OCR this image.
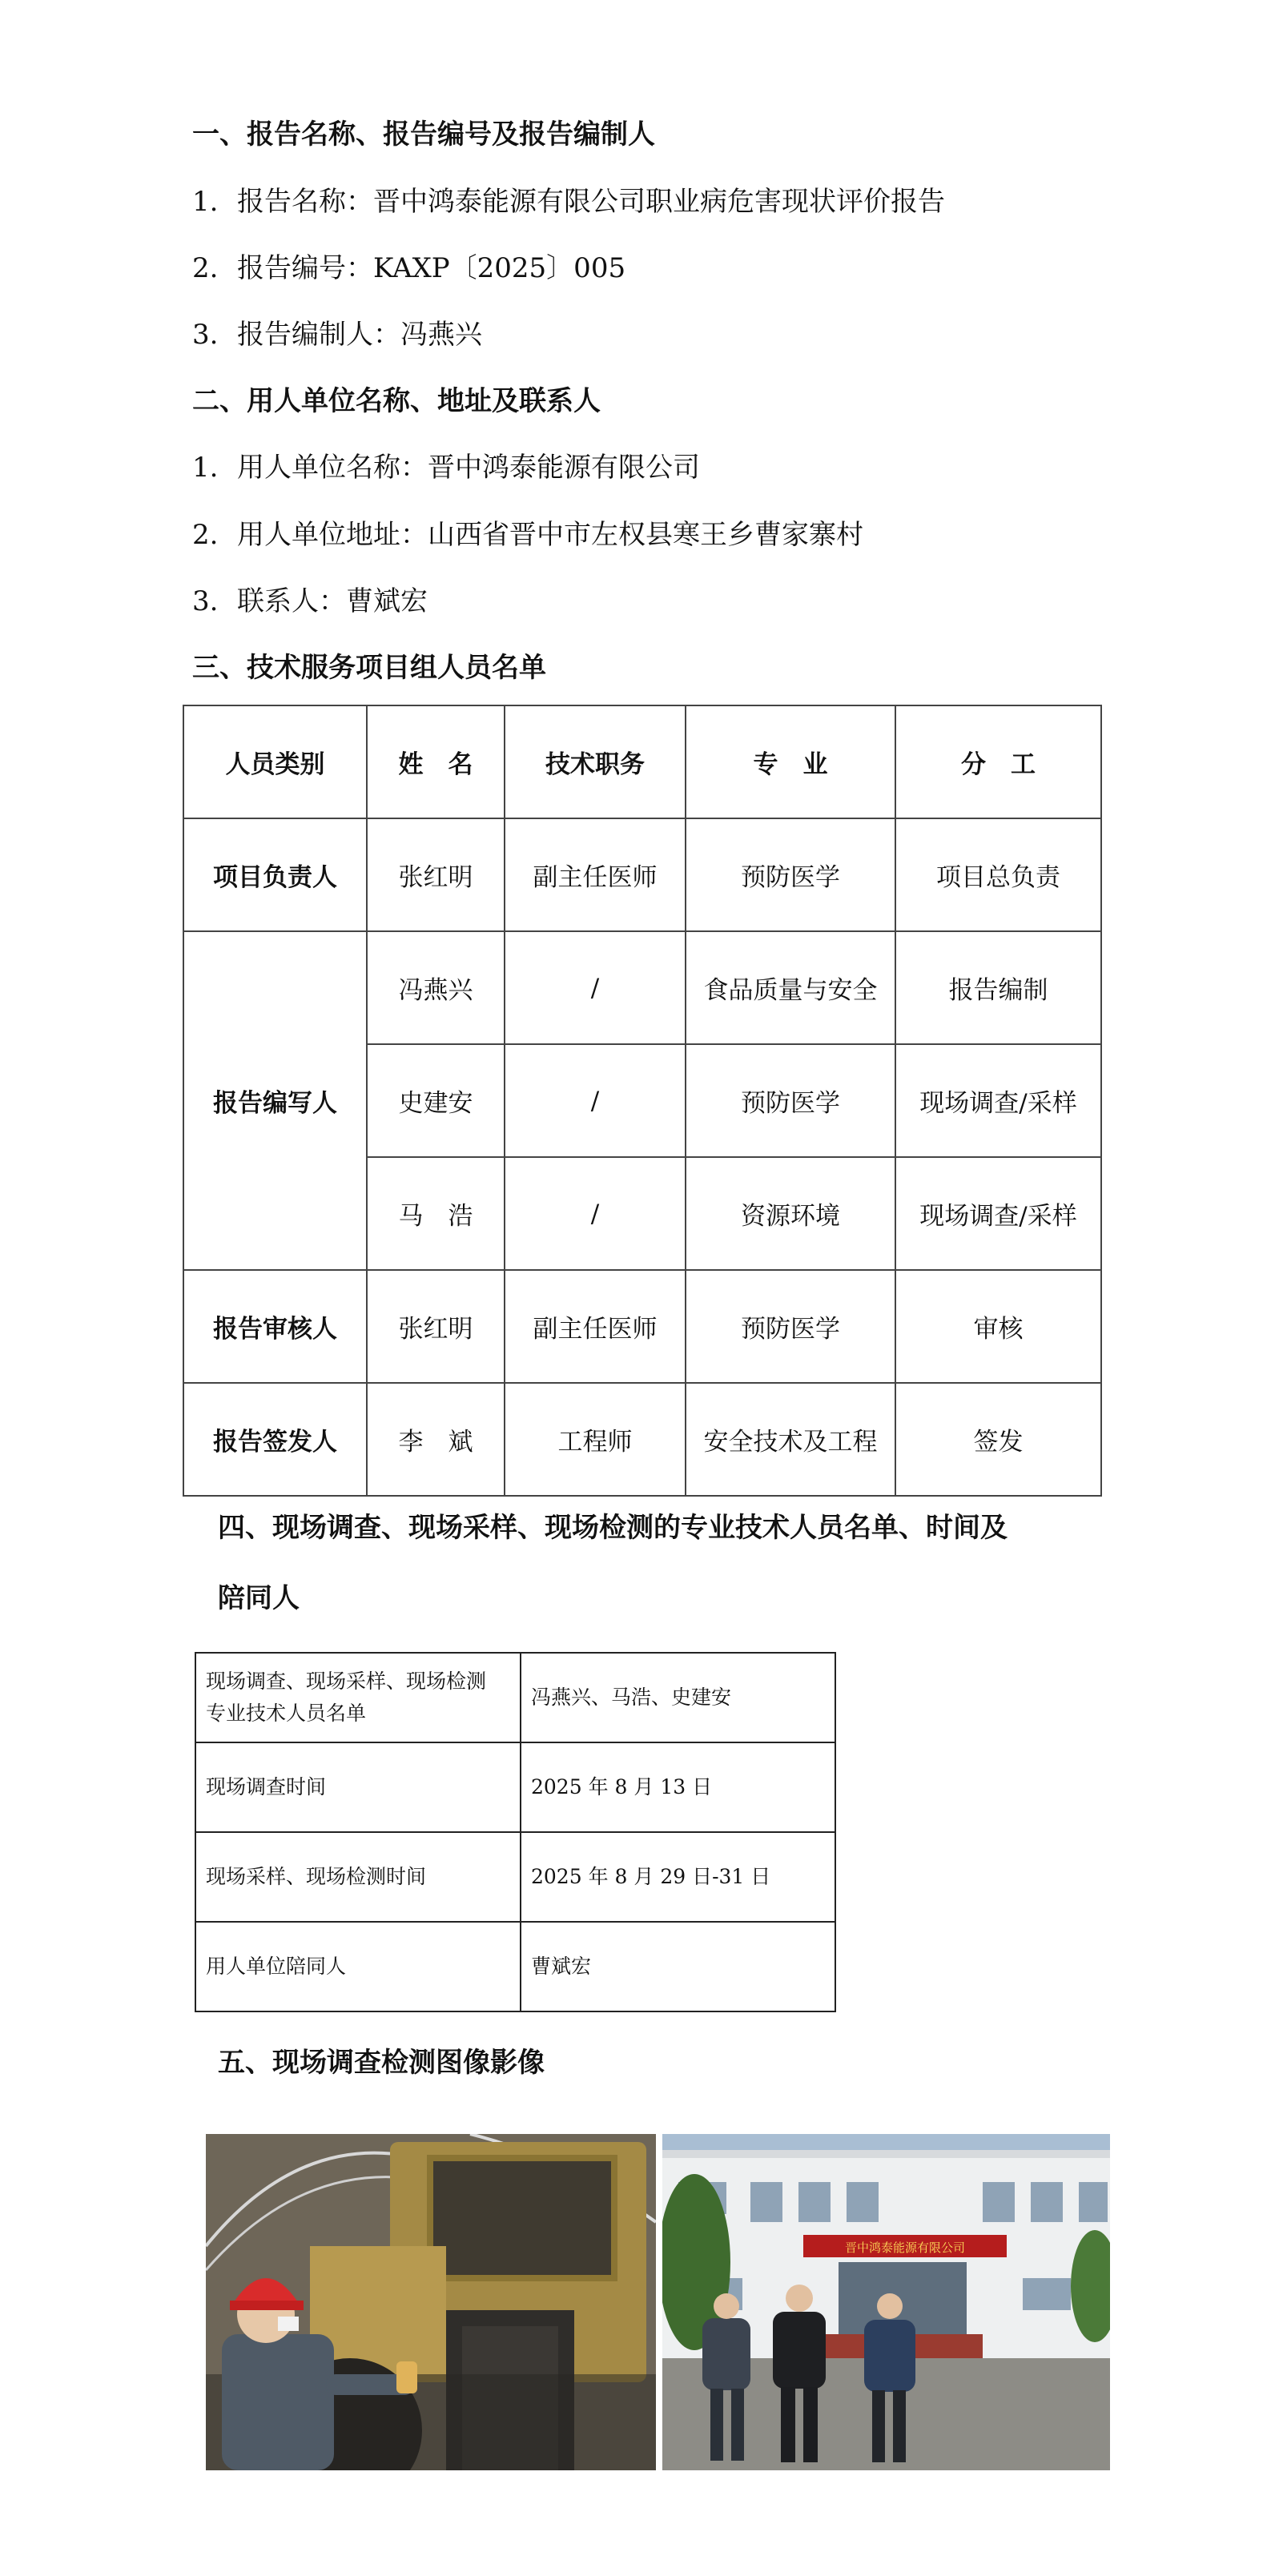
一、报告名称、报告编号及报告编制人
1. 报告名称：晋中鸿泰能源有限公司职业病危害现状评价报告
2. 报告编号：KAXP〔2025〕005
3. 报告编制人：冯燕兴
二、用人单位名称、地址及联系人
1. 用人单位名称：晋中鸿泰能源有限公司
2. 用人单位地址：山西省晋中市左权县寒王乡曹家寨村
3. 联系人：曹斌宏
三、技术服务项目组人员名单
人员类别	姓　名	技术职务	专　业	分　工
项目负责人	张红明	副主任医师	预防医学	项目总负责
报告编写人	冯燕兴	/	食品质量与安全	报告编制
	史建安	/	预防医学	现场调查/采样
	马　浩	/	资源环境	现场调查/采样
报告审核人	张红明	副主任医师	预防医学	审核
报告签发人	李　斌	工程师	安全技术及工程	签发
四、现场调查、现场采样、现场检测的专业技术人员名单、时间及
陪同人
现场调查、现场采样、现场检测
专业技术人员名单	冯燕兴、马浩、史建安
现场调查时间	2025 年 8 月 13 日
现场采样、现场检测时间	2025 年 8 月 29 日-31 日
用人单位陪同人	曹斌宏
五、现场调查检测图像影像
晋中鸿泰能源有限公司
